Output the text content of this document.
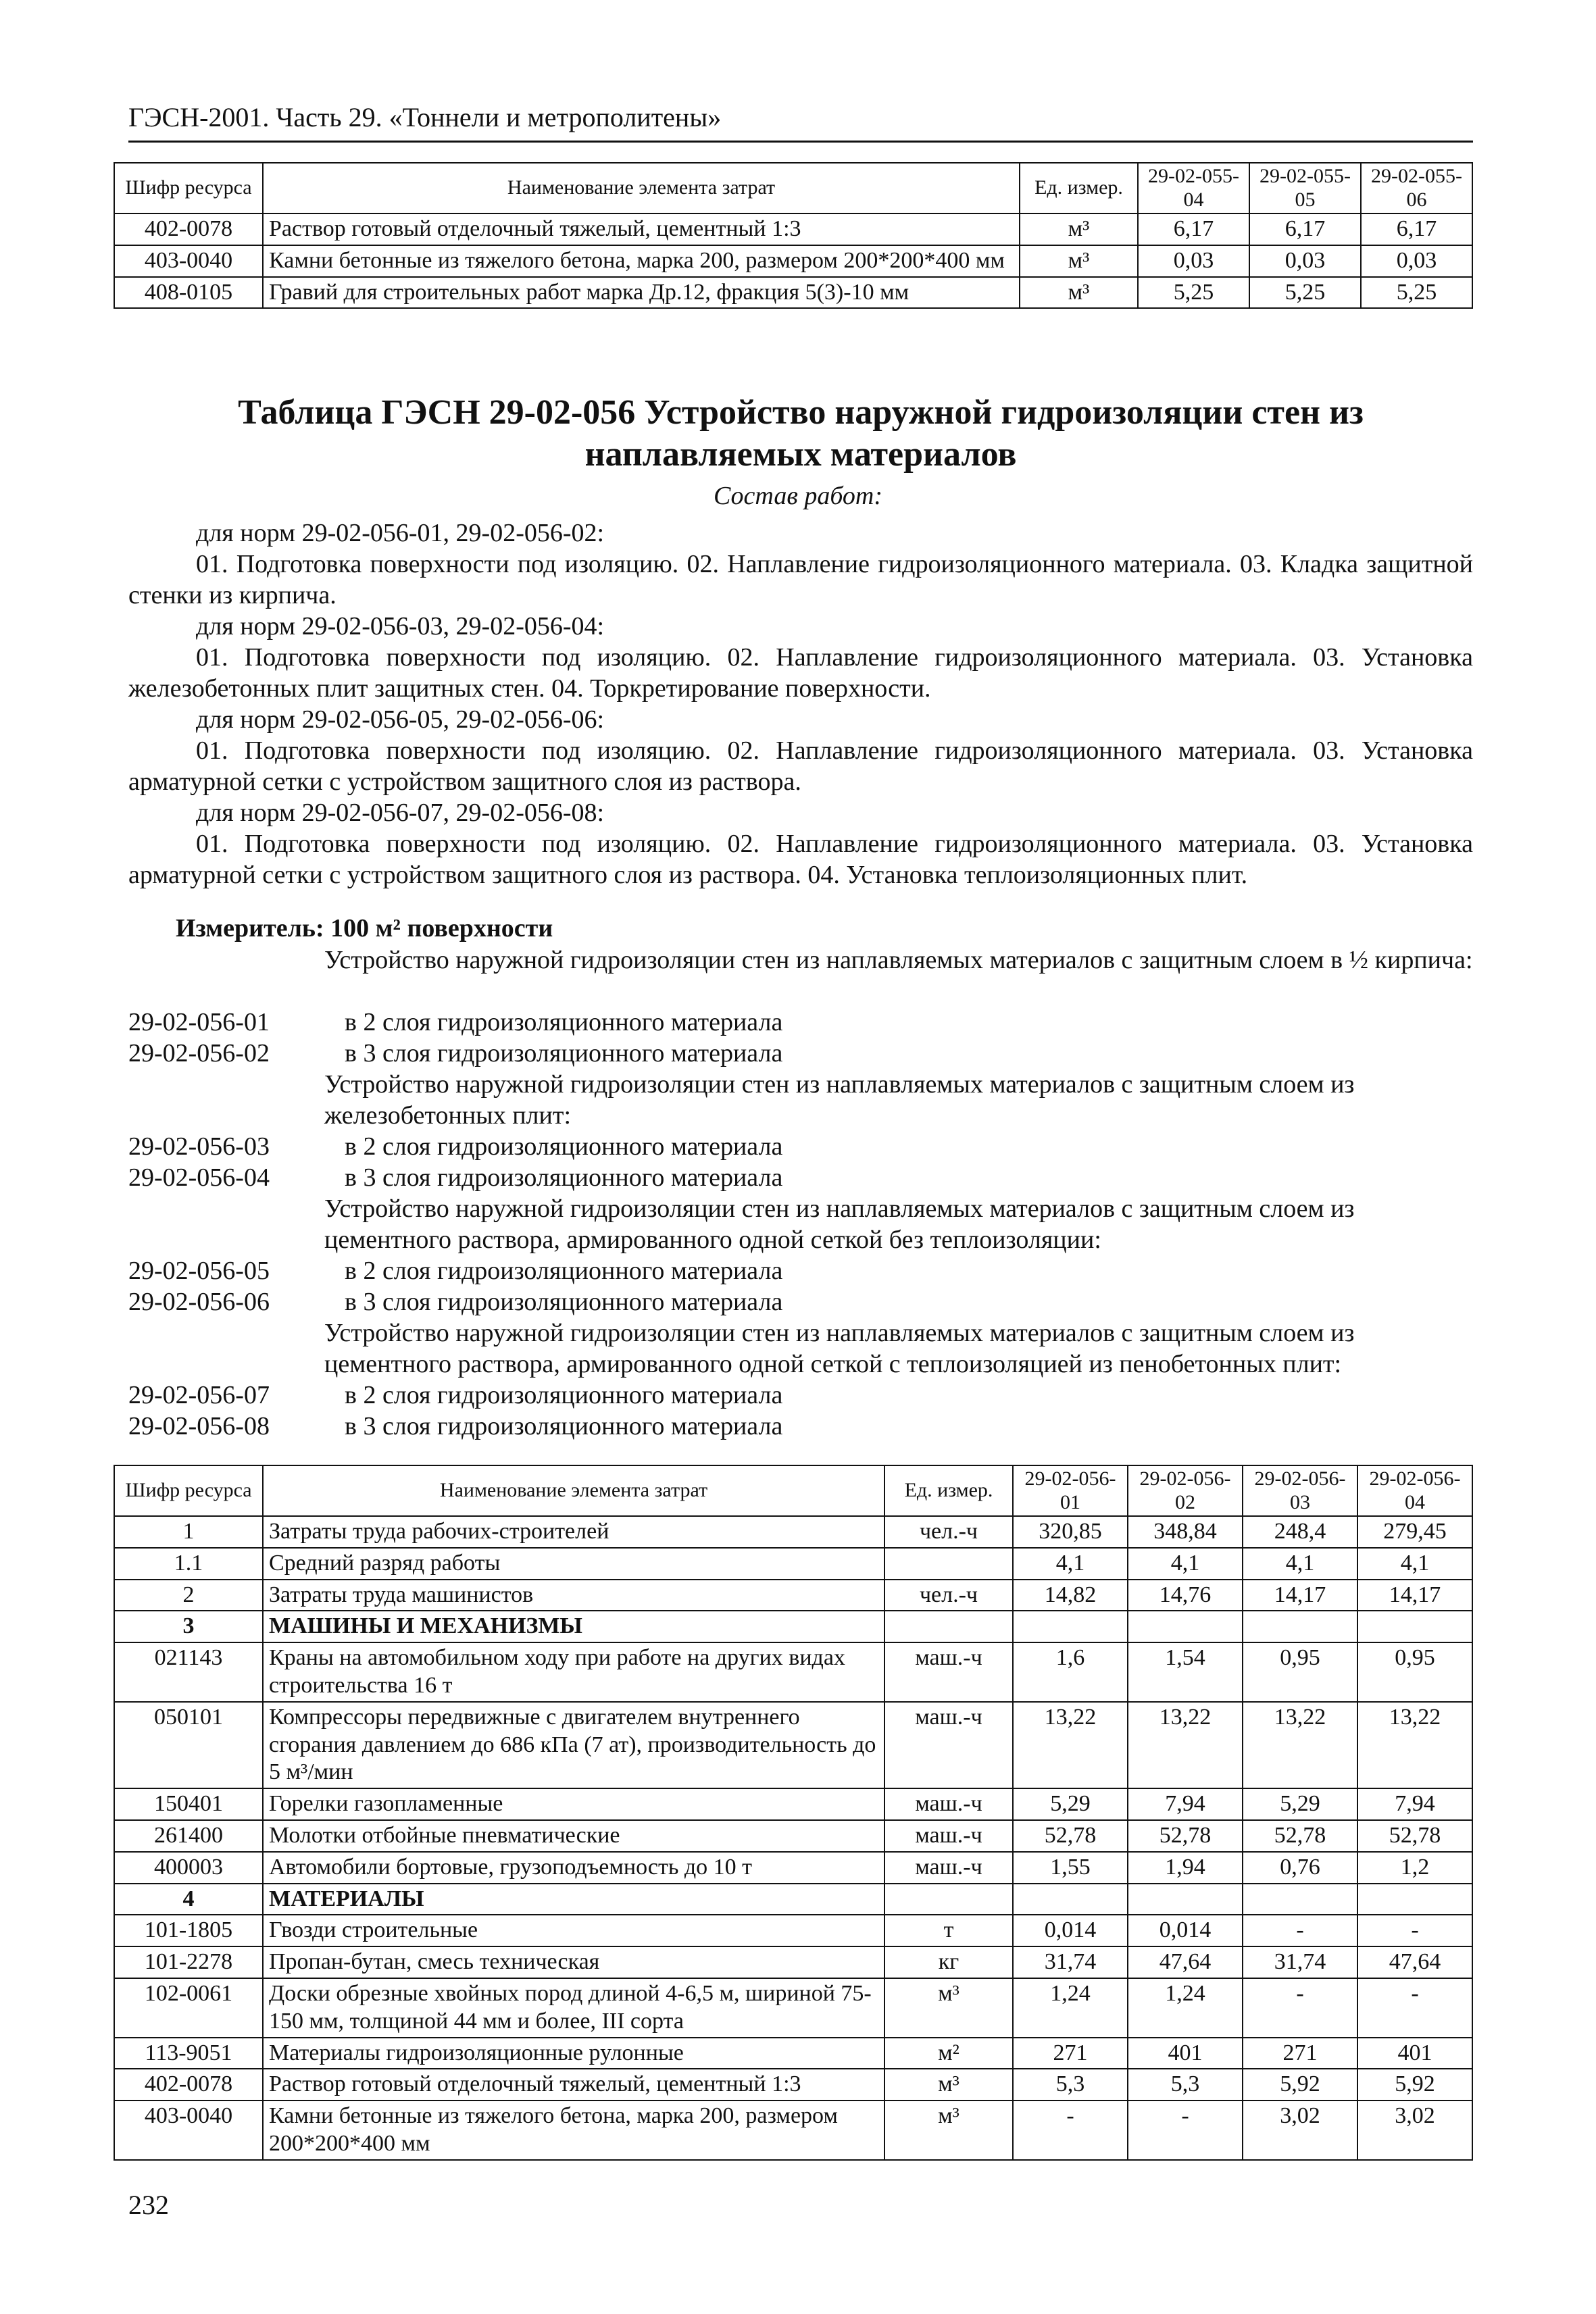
ГЭСН-2001. Часть 29. «Тоннели и метрополитены»
Шифр ресурса	Наименование элемента затрат	Ед. измер.	29-02-055-04	29-02-055-05	29-02-055-06
402-0078	Раствор готовый отделочный тяжелый, цементный 1:3	м³	6,17	6,17	6,17
403-0040	Камни бетонные из тяжелого бетона, марка 200, размером 200*200*400 мм	м³	0,03	0,03	0,03
408-0105	Гравий для строительных работ марка Др.12, фракция 5(3)-10 мм	м³	5,25	5,25	5,25
Таблица ГЭСН 29-02-056 Устройство наружной гидроизоляции стен из наплавляемых материалов
Состав работ:
для норм 29-02-056-01, 29-02-056-02:
01. Подготовка поверхности под изоляцию. 02. Наплавление гидроизоляционного материала. 03. Кладка защитной стенки из кирпича.
для норм 29-02-056-03, 29-02-056-04:
01. Подготовка поверхности под изоляцию. 02. Наплавление гидроизоляционного материала. 03. Установка железобетонных плит защитных стен. 04. Торкретирование поверхности.
для норм 29-02-056-05, 29-02-056-06:
01. Подготовка поверхности под изоляцию. 02. Наплавление гидроизоляционного материала. 03. Установка арматурной сетки с устройством защитного слоя из раствора.
для норм 29-02-056-07, 29-02-056-08:
01. Подготовка поверхности под изоляцию. 02. Наплавление гидроизоляционного материала. 03. Установка арматурной сетки с устройством защитного слоя из раствора. 04. Установка теплоизоляционных плит.
Измеритель: 100 м² поверхности
Устройство наружной гидроизоляции стен из наплавляемых материалов с защитным слоем в ½ кирпича:
29-02-056-01	в 2 слоя гидроизоляционного материала
29-02-056-02	в 3 слоя гидроизоляционного материала
Устройство наружной гидроизоляции стен из наплавляемых материалов с защитным слоем из железобетонных плит:
29-02-056-03	в 2 слоя гидроизоляционного материала
29-02-056-04	в 3 слоя гидроизоляционного материала
Устройство наружной гидроизоляции стен из наплавляемых материалов с защитным слоем из цементного раствора, армированного одной сеткой без теплоизоляции:
29-02-056-05	в 2 слоя гидроизоляционного материала
29-02-056-06	в 3 слоя гидроизоляционного материала
Устройство наружной гидроизоляции стен из наплавляемых материалов с защитным слоем из цементного раствора, армированного одной сеткой с теплоизоляцией из пенобетонных плит:
29-02-056-07	в 2 слоя гидроизоляционного материала
29-02-056-08	в 3 слоя гидроизоляционного материала
Шифр ресурса	Наименование элемента затрат	Ед. измер.	29-02-056-01	29-02-056-02	29-02-056-03	29-02-056-04
1	Затраты труда рабочих-строителей	чел.-ч	320,85	348,84	248,4	279,45
1.1	Средний разряд работы		4,1	4,1	4,1	4,1
2	Затраты труда машинистов	чел.-ч	14,82	14,76	14,17	14,17
3	МАШИНЫ И МЕХАНИЗМЫ					
021143	Краны на автомобильном ходу при работе на других видах строительства 16 т	маш.-ч	1,6	1,54	0,95	0,95
050101	Компрессоры передвижные с двигателем внутреннего сгорания давлением до 686 кПа (7 ат), производительность до 5 м³/мин	маш.-ч	13,22	13,22	13,22	13,22
150401	Горелки газопламенные	маш.-ч	5,29	7,94	5,29	7,94
261400	Молотки отбойные пневматические	маш.-ч	52,78	52,78	52,78	52,78
400003	Автомобили бортовые, грузоподъемность до 10 т	маш.-ч	1,55	1,94	0,76	1,2
4	МАТЕРИАЛЫ					
101-1805	Гвозди строительные	т	0,014	0,014	-	-
101-2278	Пропан-бутан, смесь техническая	кг	31,74	47,64	31,74	47,64
102-0061	Доски обрезные хвойных пород длиной 4-6,5 м, шириной 75-150 мм, толщиной 44 мм и более, III сорта	м³	1,24	1,24	-	-
113-9051	Материалы гидроизоляционные рулонные	м²	271	401	271	401
402-0078	Раствор готовый отделочный тяжелый, цементный 1:3	м³	5,3	5,3	5,92	5,92
403-0040	Камни бетонные из тяжелого бетона, марка 200, размером 200*200*400 мм	м³	-	-	3,02	3,02
232
